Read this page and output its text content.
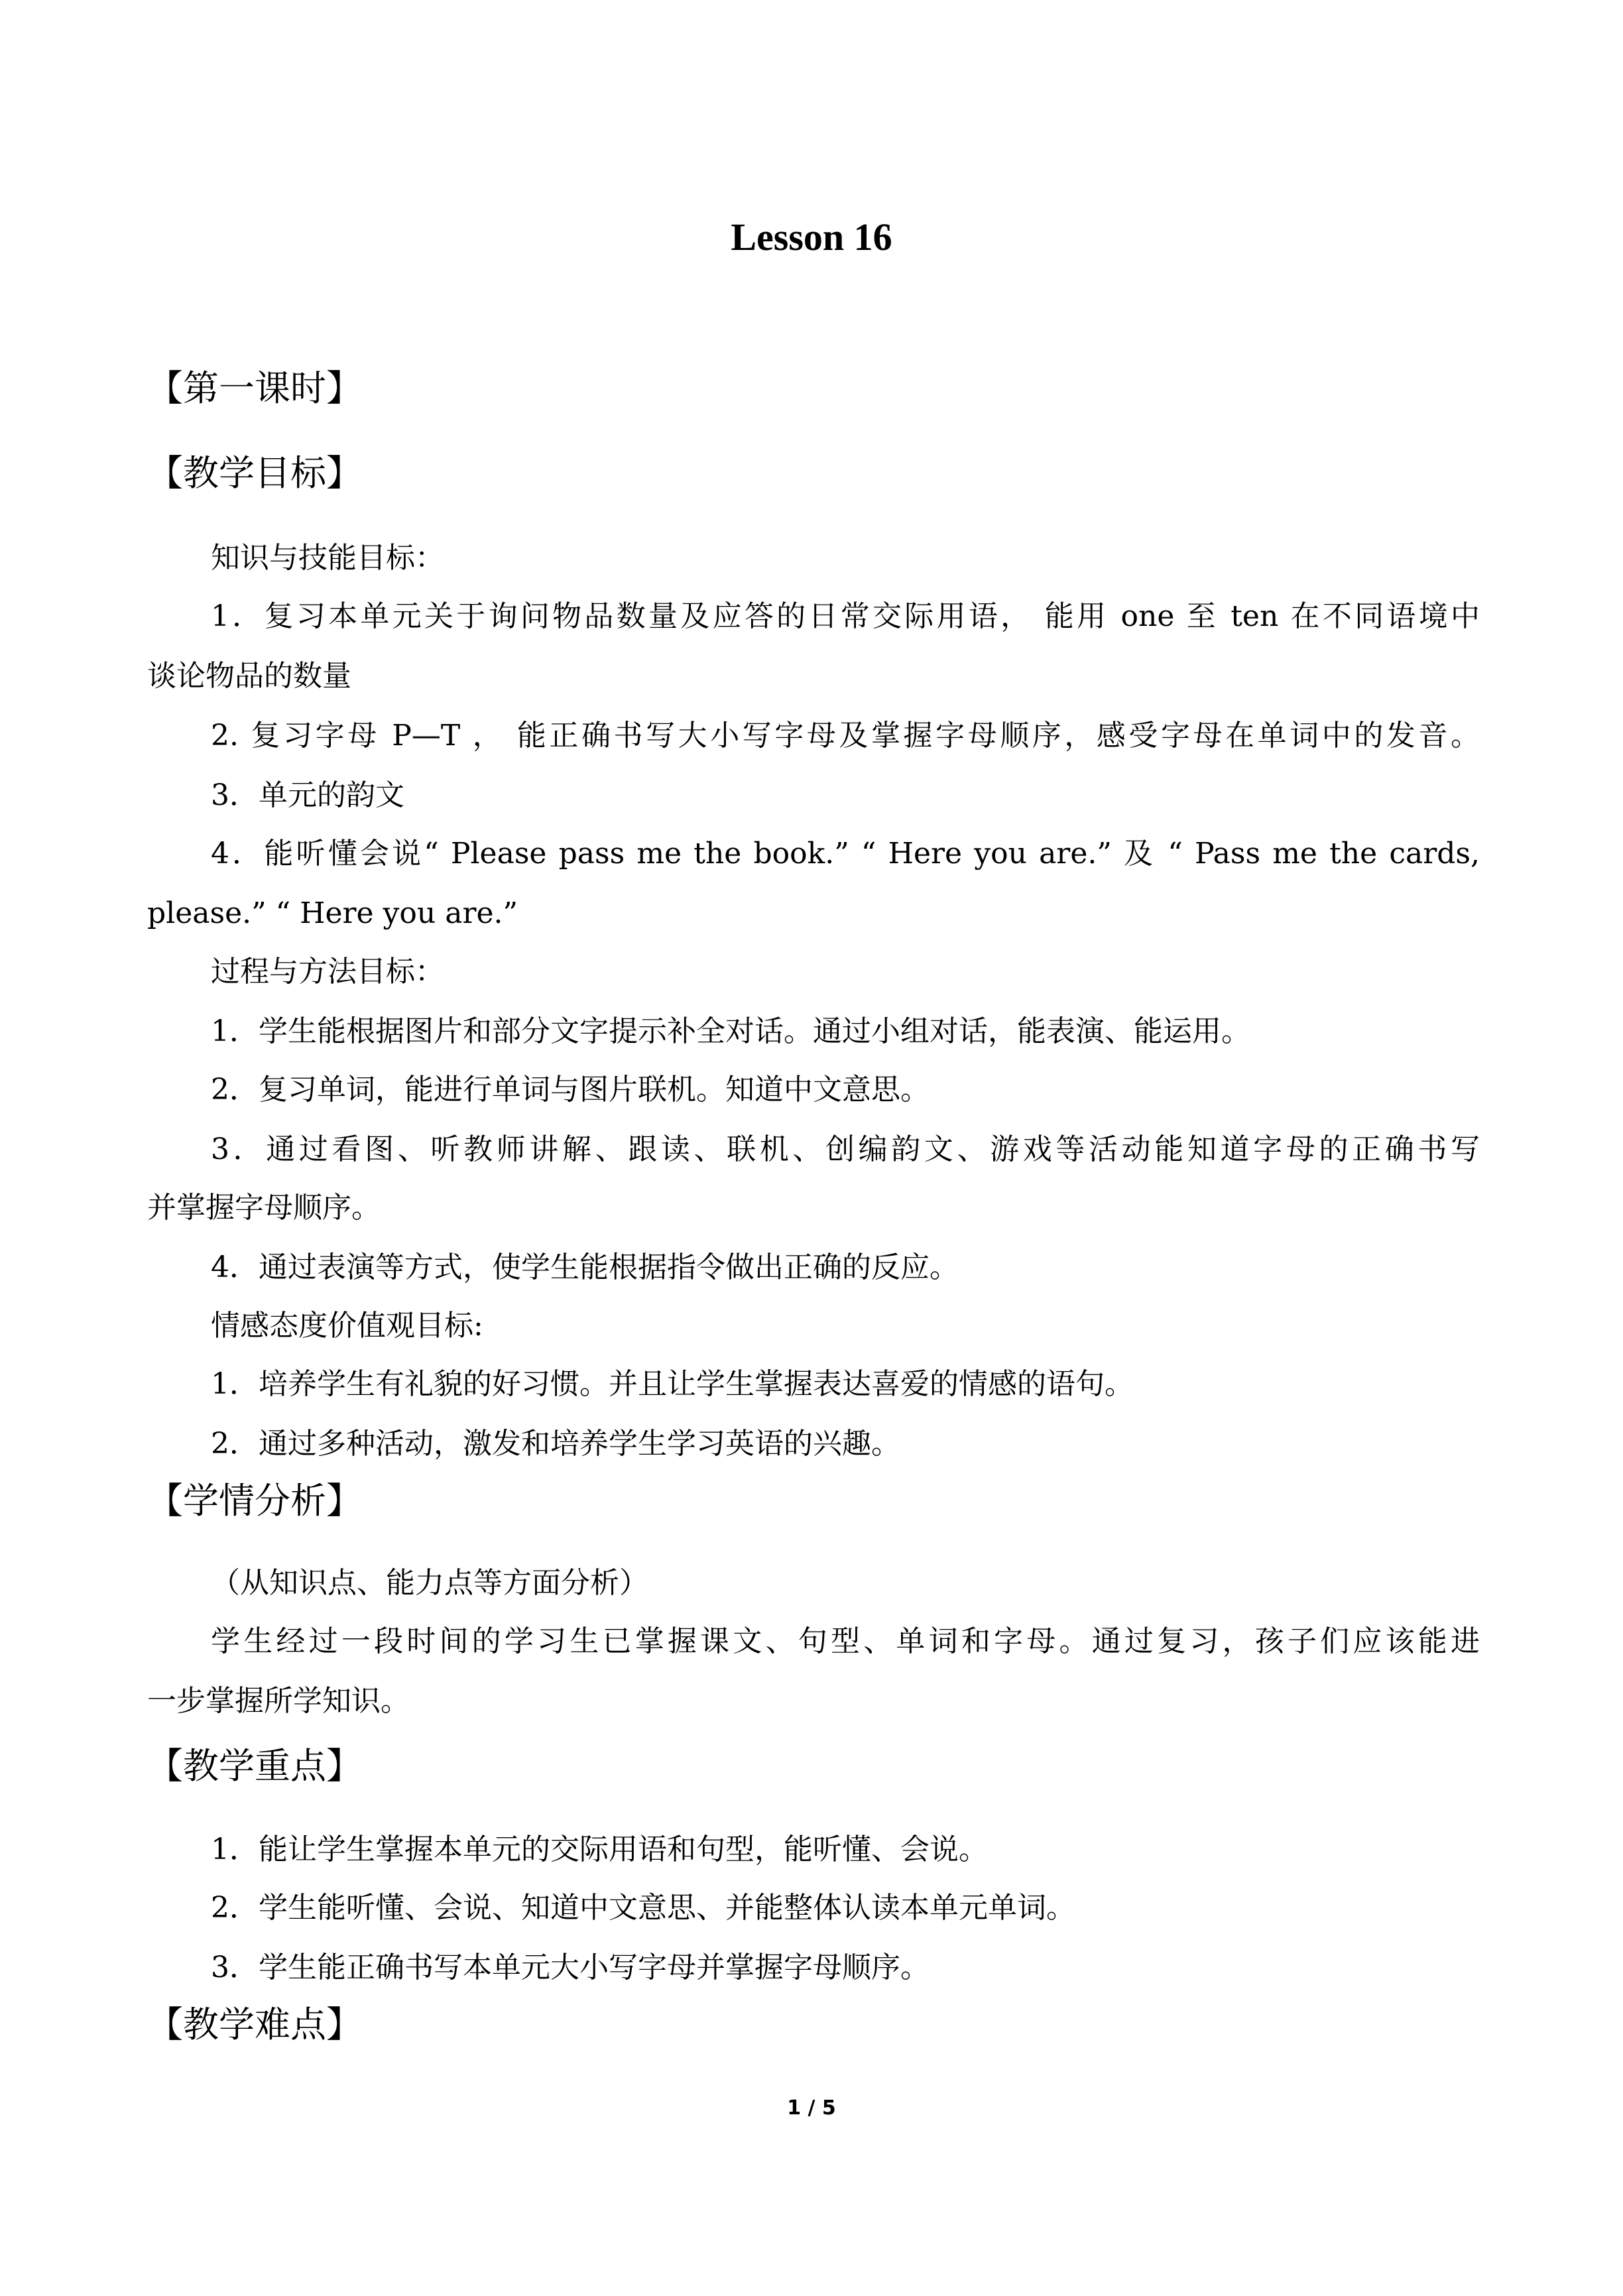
Lesson 16
【第一课时】
【教学目标】
知识与技能目标：
1．复习本单元关于询问物品数量及应答的日常交际用语， 能用 one 至 ten 在不同语境中
谈论物品的数量
2. 复习字母 P—T ， 能正确书写大小写字母及掌握字母顺序，感受字母在单词中的发音。
3．单元的韵文
4．能听懂会说“ Please pass me the book.” “ Here you are.” 及 “ Pass me the cards,
please.” “ Here you are.”
过程与方法目标：
1．学生能根据图片和部分文字提示补全对话。通过小组对话，能表演、能运用。
2．复习单词，能进行单词与图片联机。知道中文意思。
3．通过看图、听教师讲解、跟读、联机、创编韵文、游戏等活动能知道字母的正确书写
并掌握字母顺序。
4．通过表演等方式，使学生能根据指令做出正确的反应。
情感态度价值观目标:
1．培养学生有礼貌的好习惯。并且让学生掌握表达喜爱的情感的语句。
2．通过多种活动，激发和培养学生学习英语的兴趣。
【学情分析】
（从知识点、能力点等方面分析）
学生经过一段时间的学习生已掌握课文、句型、单词和字母。通过复习，孩子们应该能进
一步掌握所学知识。
【教学重点】
1．能让学生掌握本单元的交际用语和句型，能听懂、会说。
2．学生能听懂、会说、知道中文意思、并能整体认读本单元单词。
3．学生能正确书写本单元大小写字母并掌握字母顺序。
【教学难点】
1 / 5
